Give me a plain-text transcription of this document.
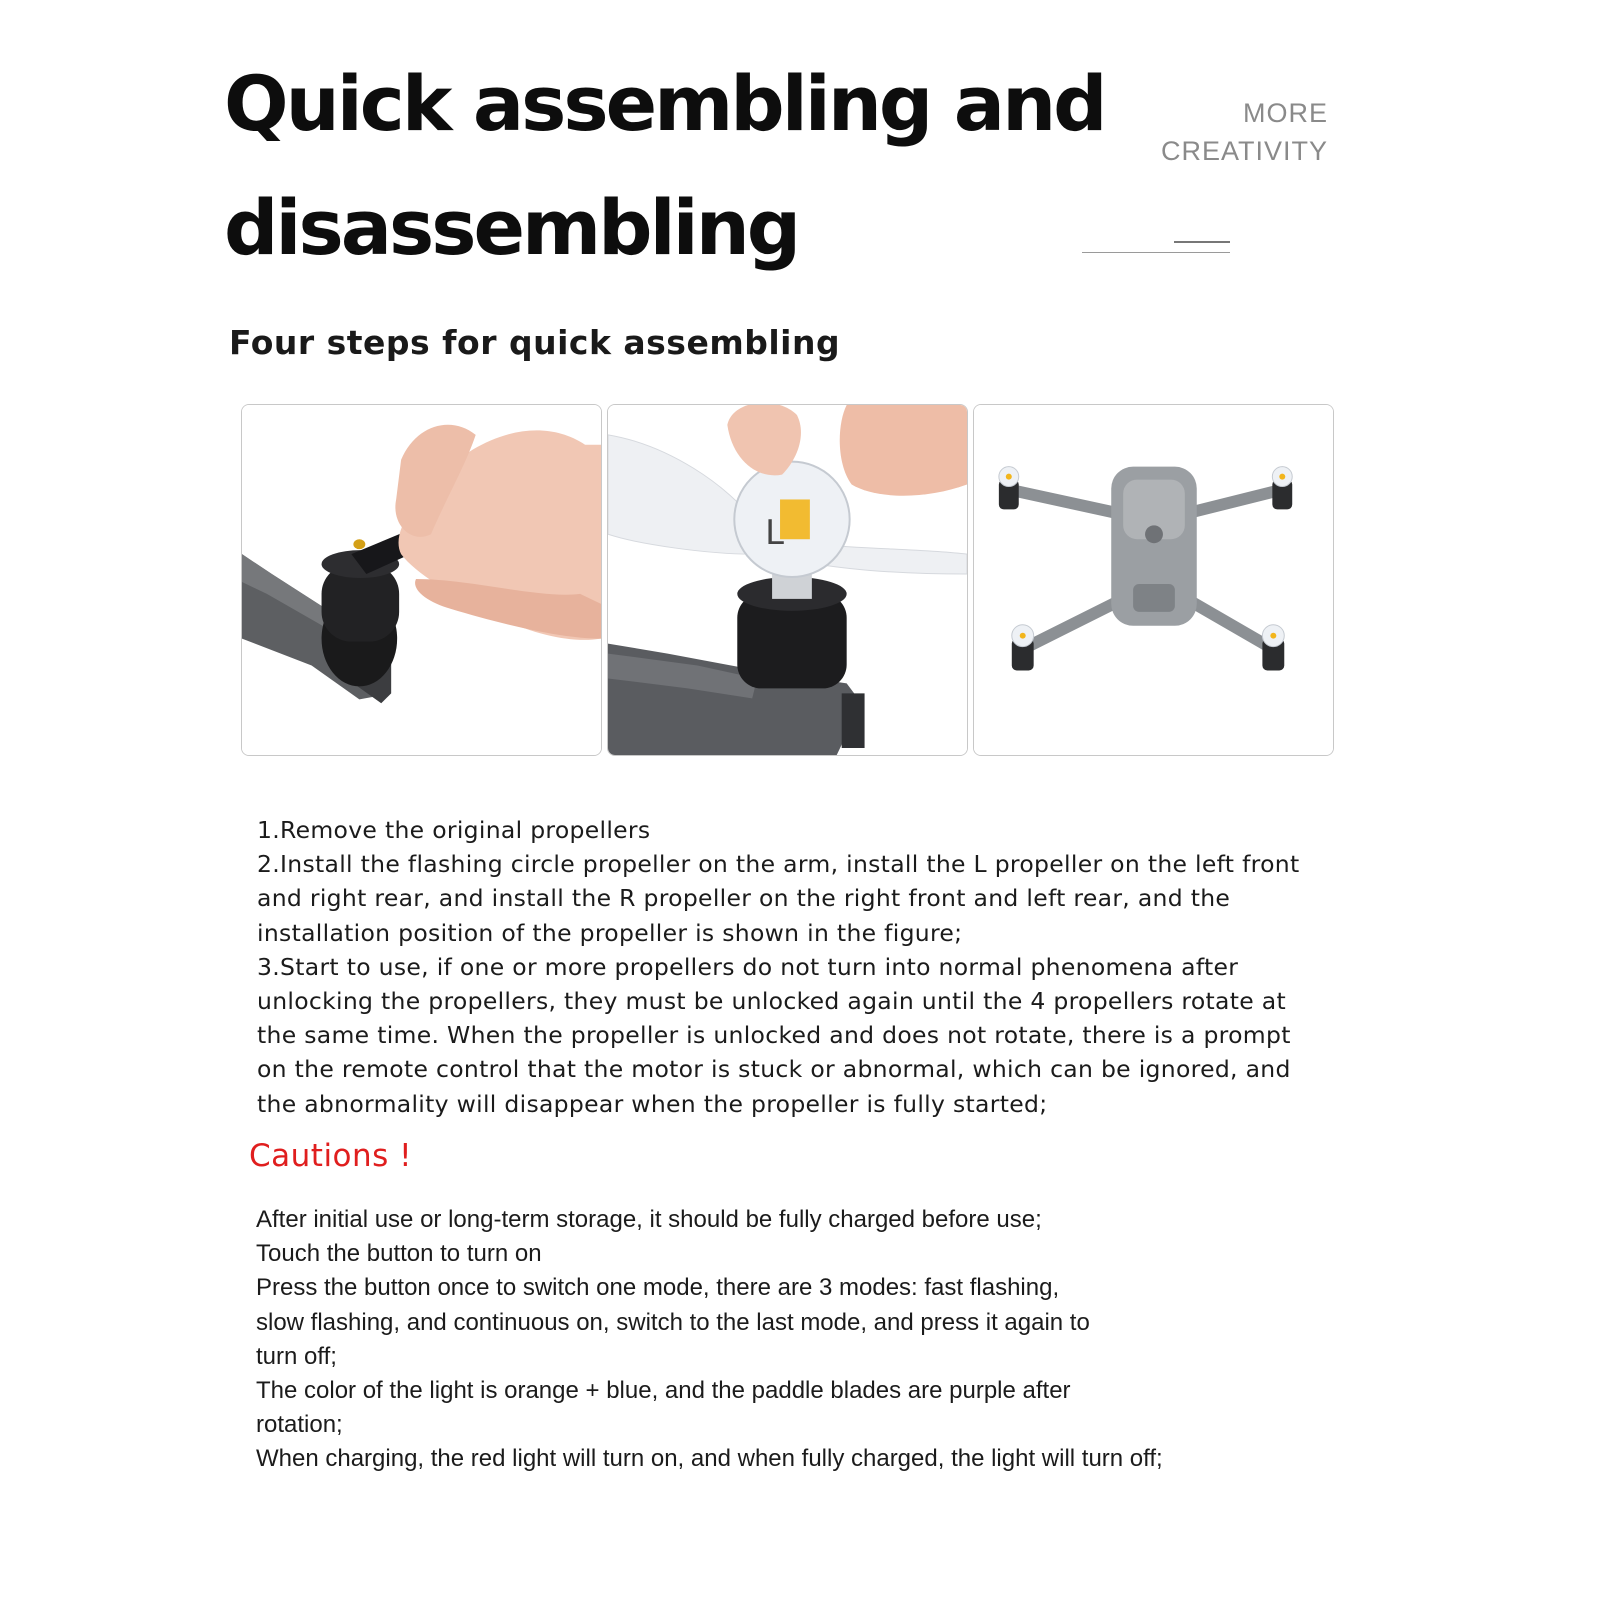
Quick assembling and
disassembling
MORE
CREATIVITY
Four steps for quick assembling
L

1.Remove the original propellers

2.Install the flashing circle propeller on the arm, install the L propeller on the left front and right rear, and install the R propeller on the right front and left rear, and the installation position of the propeller is shown in the figure;

3.Start to use, if one or more propellers do not turn into normal phenomena after unlocking the propellers, they must be unlocked again until the 4 propellers rotate at the same time. When the propeller is unlocked and does not rotate, there is a prompt on the remote control that the motor is stuck or abnormal, which can be ignored, and the abnormality will disappear when the propeller is fully started;

Cautions !

After initial use or long-term storage, it should be fully charged before use;

Touch the button to turn on

Press the button once to switch one mode, there are 3 modes: fast flashing, slow flashing, and continuous on, switch to the last mode, and press it again to turn off;

The color of the light is orange + blue, and the paddle blades are purple after rotation;

When charging, the red light will turn on, and when fully charged, the light will turn off;
